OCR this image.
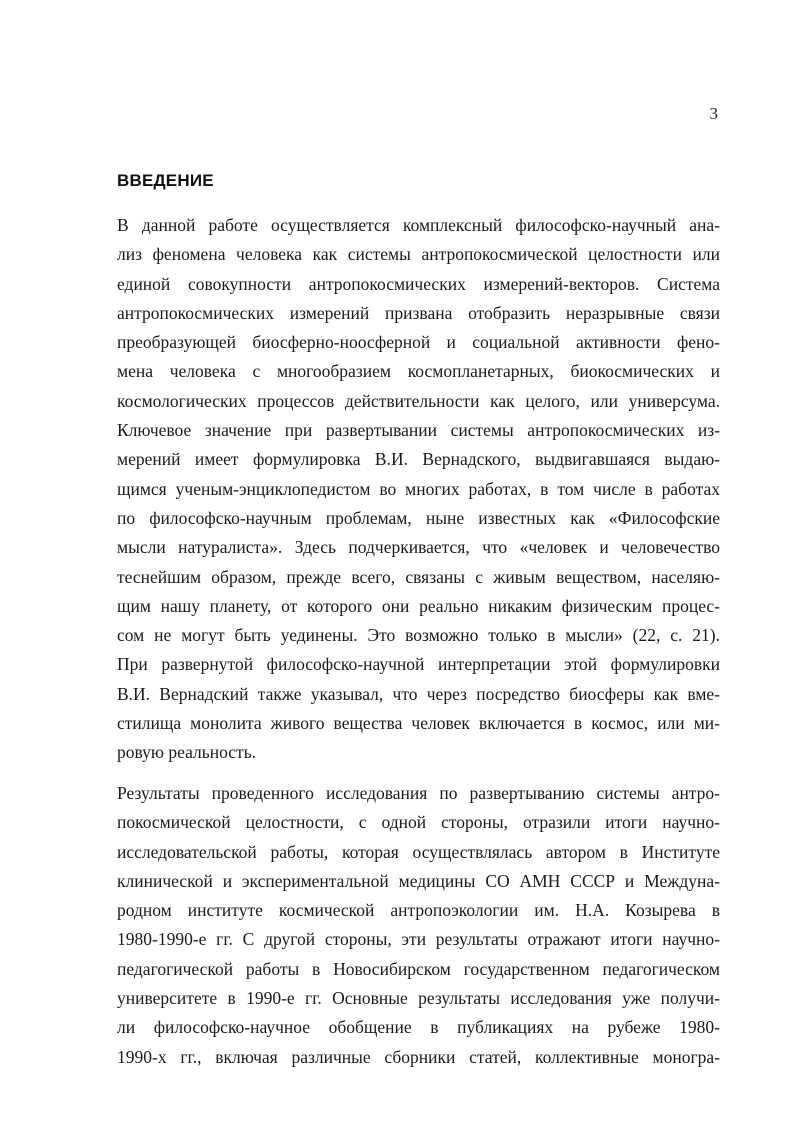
3
ВВЕДЕНИЕ
В данной работе осуществляется комплексный философско-научный ана-
лиз феномена человека как системы антропокосмической целостности или
единой совокупности антропокосмических измерений-векторов. Система
антропокосмических измерений призвана отобразить неразрывные связи
преобразующей биосферно-ноосферной и социальной активности фено-
мена человека с многообразием космопланетарных, биокосмических и
космологических процессов действительности как целого, или универсума.
Ключевое значение при развертывании системы антропокосмических из-
мерений имеет формулировка В.И. Вернадского, выдвигавшаяся выдаю-
щимся ученым-энциклопедистом во многих работах, в том числе в работах
по философско-научным проблемам, ныне известных как «Философские
мысли натуралиста». Здесь подчеркивается, что «человек и человечество
теснейшим образом, прежде всего, связаны с живым веществом, населяю-
щим нашу планету, от которого они реально никаким физическим процес-
сом не могут быть уединены. Это возможно только в мысли» (22, с. 21).
При развернутой философско-научной интерпретации этой формулировки
В.И. Вернадский также указывал, что через посредство биосферы как вме-
стилища монолита живого вещества человек включается в космос, или ми-
ровую реальность.
Результаты проведенного исследования по развертыванию системы антро-
покосмической целостности, с одной стороны, отразили итоги научно-
исследовательской работы, которая осуществлялась автором в Институте
клинической и экспериментальной медицины СО АМН СССР и Междуна-
родном институте космической антропоэкологии им. Н.А. Козырева в
1980-1990-е гг. С другой стороны, эти результаты отражают итоги научно-
педагогической работы в Новосибирском государственном педагогическом
университете в 1990-е гг. Основные результаты исследования уже получи-
ли философско-научное обобщение в публикациях на рубеже 1980-
1990-х гг., включая различные сборники статей, коллективные моногра-
